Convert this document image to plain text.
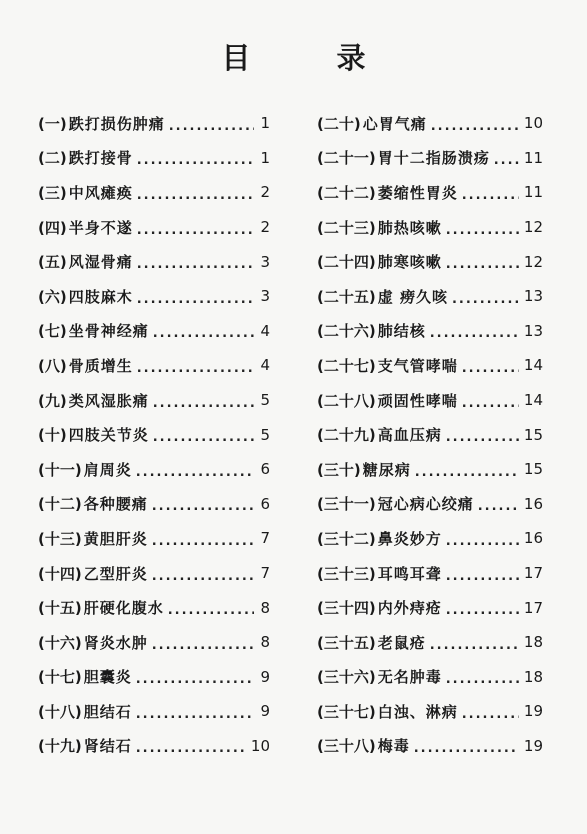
目 录
(一) 跌打损伤肿痛 .....	1
(二) 跌打接骨 .....	1
(三) 中风瘫痪 .....	2
(四) 半身不遂 .....	2
(五) 风湿骨痛 .....	3
(六) 四肢麻木 .....	3
(七) 坐骨神经痛 .....	4
(八) 骨质增生 .....	4
(九) 类风湿胀痛 .....	5
(十) 四肢关节炎 .....	5
(十一) 肩周炎 .....	6
(十二) 各种腰痛 .....	6
(十三) 黄胆肝炎 .....	7
(十四) 乙型肝炎 .....	7
(十五) 肝硬化腹水 .....	8
(十六) 肾炎水肿 .....	8
(十七) 胆囊炎 .....	9
(十八) 胆结石 .....	9
(十九) 肾结石 .....	10
(二十) 心胃气痛 .....	10
(二十一) 胃十二指肠溃疡 ..... 11
(二十二) 萎缩性胃炎 .....	11
(二十三) 肺热咳嗽 .....	12
(二十四) 肺寒咳嗽 .....	12
(二十五) 虚 痨久咳 .....	13
(二十六) 肺结核 .....	13
(二十七) 支气管哮喘 .....	14
(二十八) 顽固性哮喘 .....	14
(二十九) 高血压病 .....	15
(三十) 糖尿病 .....	15
(三十一) 冠心病心绞痛 .....	16
(三十二) 鼻炎妙方 .....	16
(三十三) 耳鸣耳聋 .....	17
(三十四) 内外痔疮 .....	17
(三十五) 老鼠疮 .....	18
(三十六) 无名肿毒 .....	18
(三十七) 白浊、淋病 .....	19
(三十八) 梅毒 .....	19
